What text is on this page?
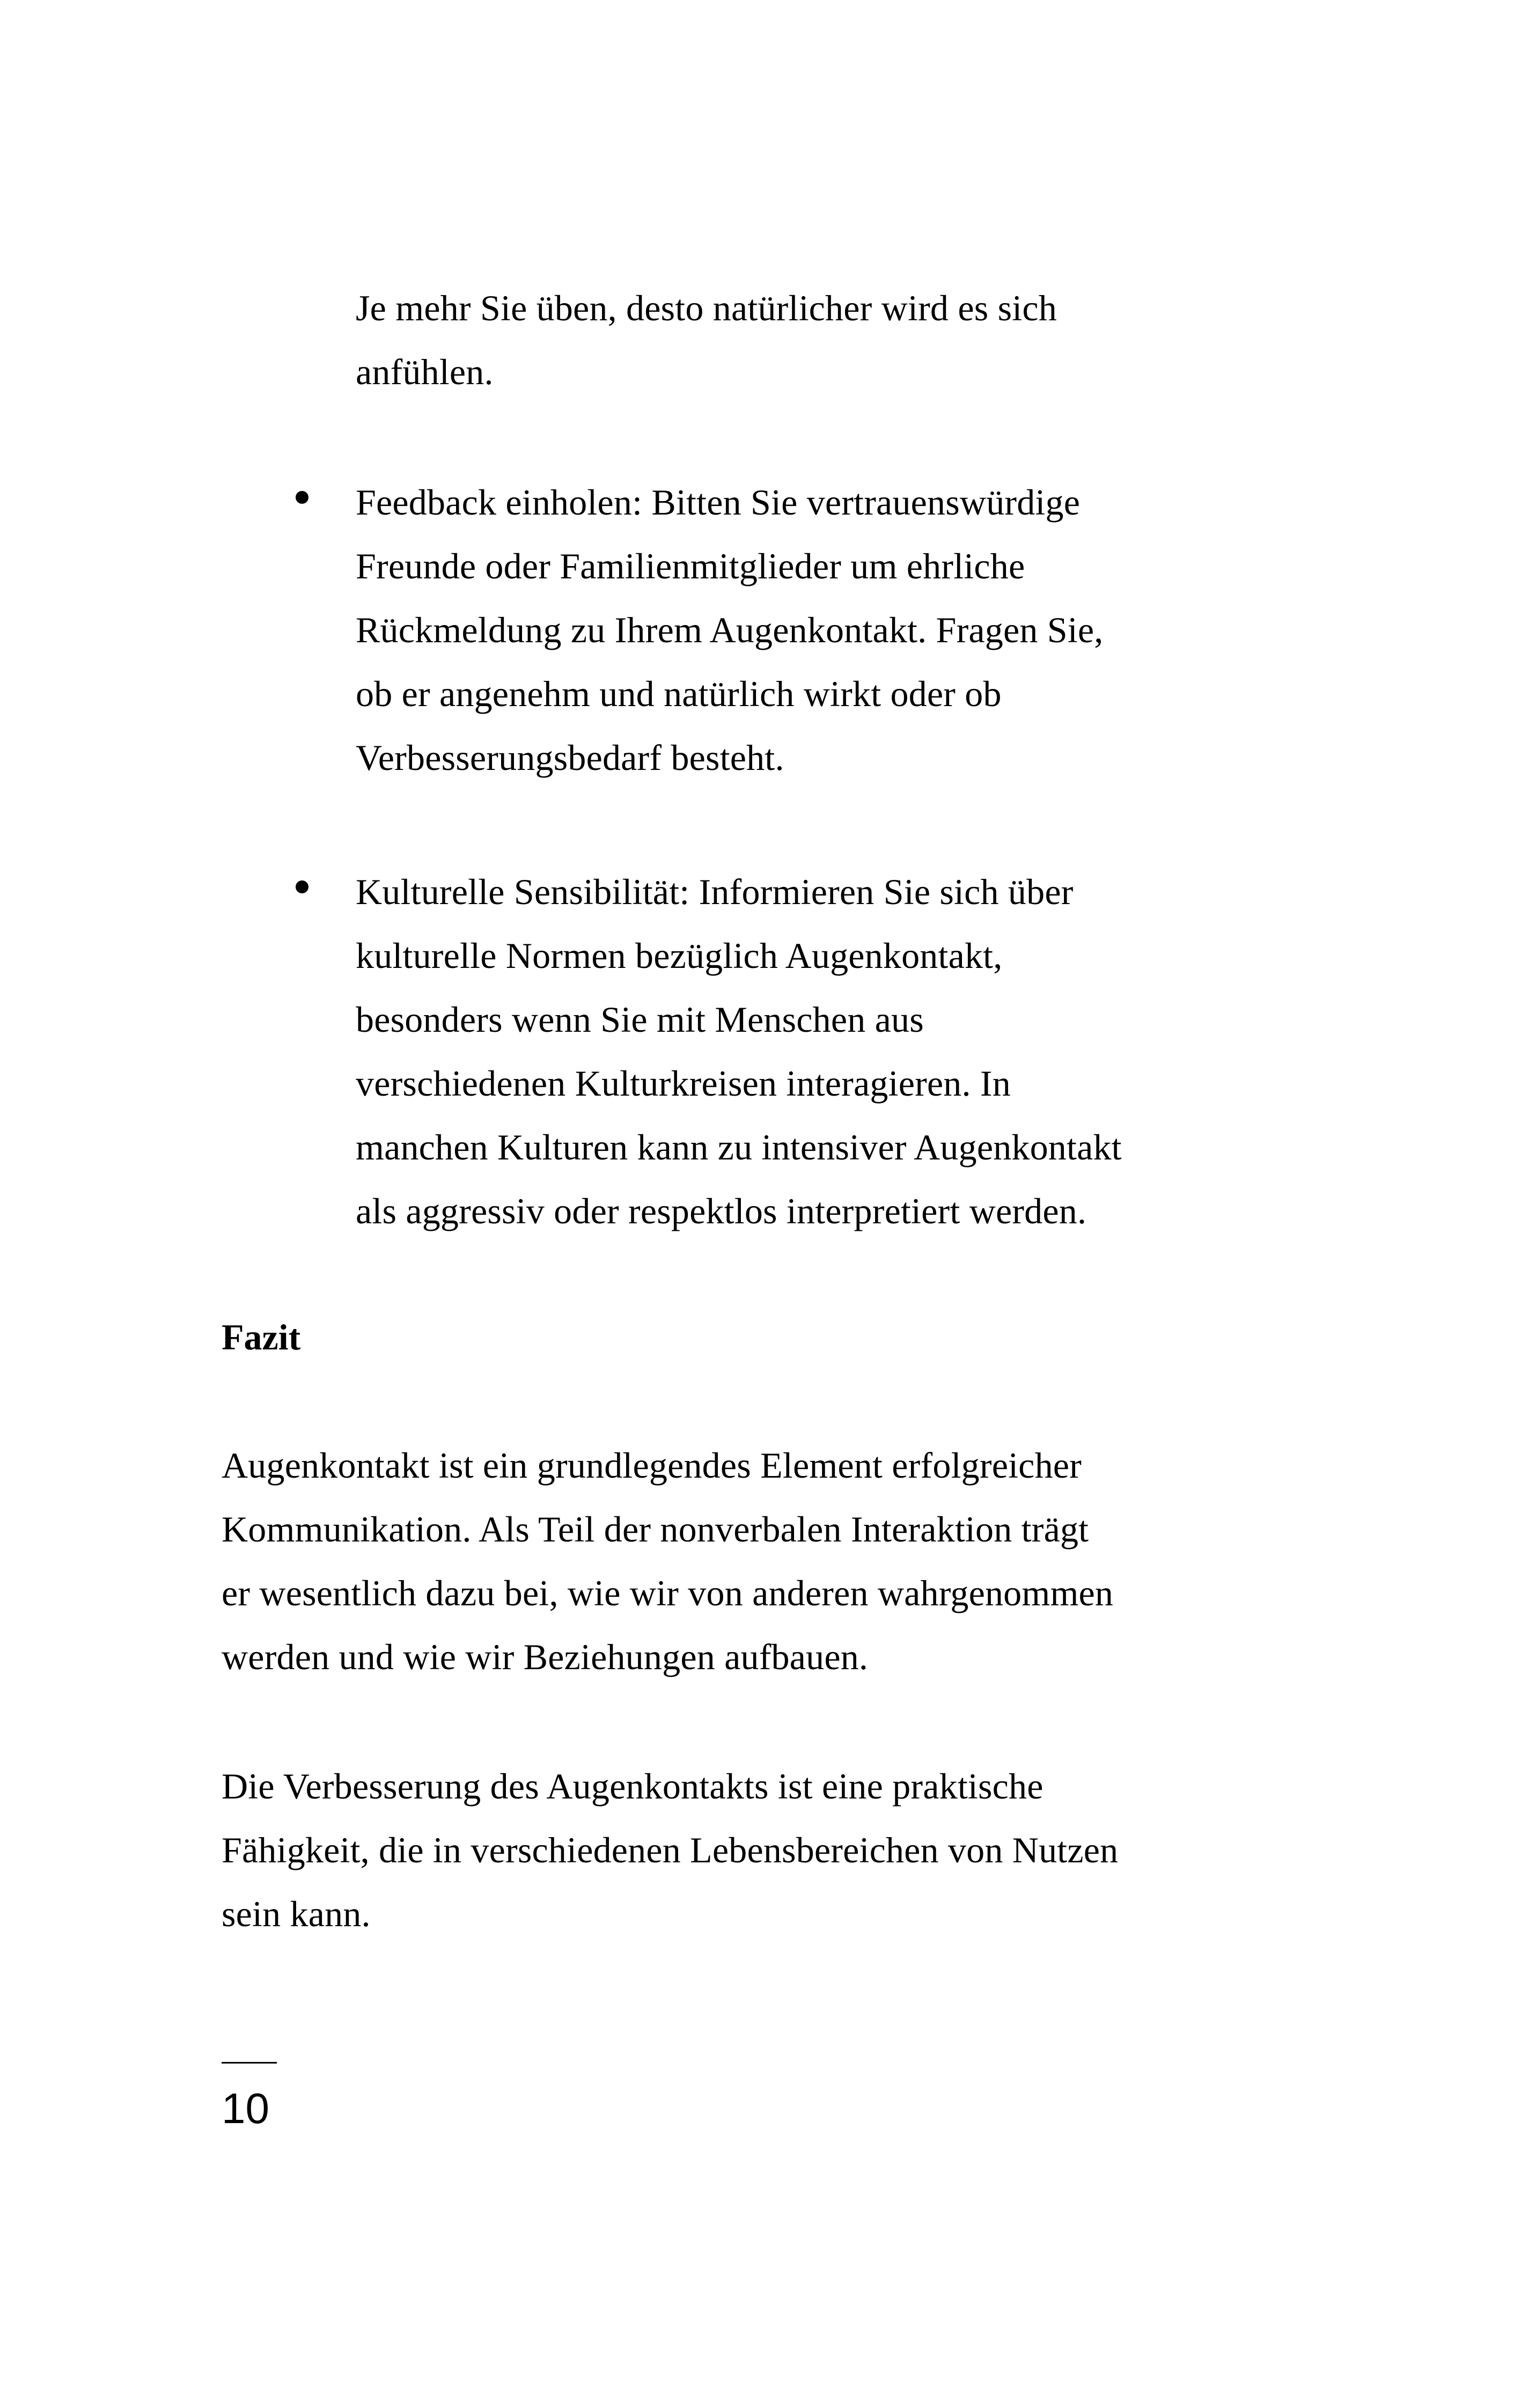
Je mehr Sie üben, desto natürlicher wird es sich
anfühlen.
Feedback einholen: Bitten Sie vertrauenswürdige
Freunde oder Familienmitglieder um ehrliche
Rückmeldung zu Ihrem Augenkontakt. Fragen Sie,
ob er angenehm und natürlich wirkt oder ob
Verbesserungsbedarf besteht.
Kulturelle Sensibilität: Informieren Sie sich über
kulturelle Normen bezüglich Augenkontakt,
besonders wenn Sie mit Menschen aus
verschiedenen Kulturkreisen interagieren. In
manchen Kulturen kann zu intensiver Augenkontakt
als aggressiv oder respektlos interpretiert werden.
Fazit
Augenkontakt ist ein grundlegendes Element erfolgreicher
Kommunikation. Als Teil der nonverbalen Interaktion trägt
er wesentlich dazu bei, wie wir von anderen wahrgenommen
werden und wie wir Beziehungen aufbauen.
Die Verbesserung des Augenkontakts ist eine praktische
Fähigkeit, die in verschiedenen Lebensbereichen von Nutzen
sein kann.
10
